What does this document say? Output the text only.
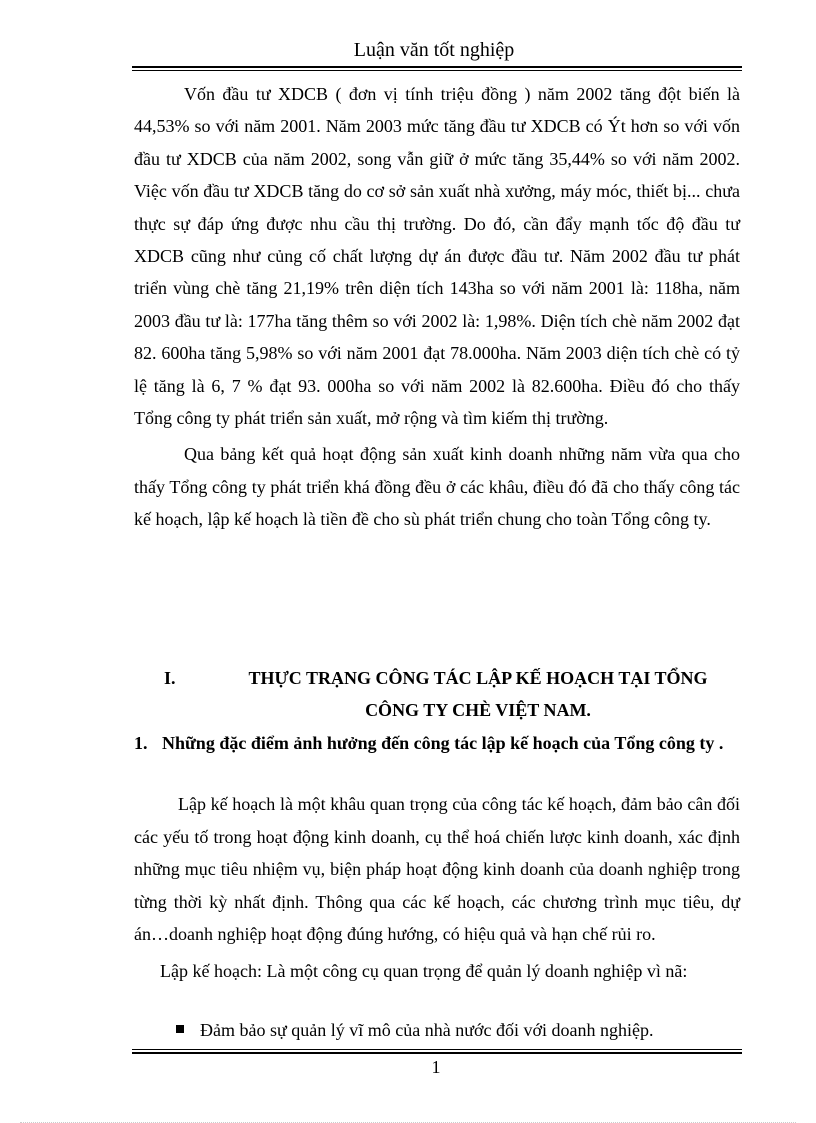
Luận văn tốt nghiệp

Vốn đầu tư XDCB ( đơn vị tính triệu đồng ) năm 2002 tăng đột biến là 44,53% so với năm 2001. Năm 2003 mức tăng đầu tư XDCB có Ýt hơn so với vốn đầu tư XDCB của năm 2002, song vẫn giữ ở mức tăng 35,44% so với năm 2002. Việc vốn đầu tư XDCB tăng do cơ sở sản xuất nhà xưởng, máy móc, thiết bị... chưa thực sự đáp ứng được nhu cầu thị trường. Do đó, cần đẩy mạnh tốc độ đầu tư XDCB cũng như củng cố chất lượng dự án được đầu tư. Năm 2002 đầu tư phát triển vùng chè tăng 21,19% trên diện tích 143ha so với năm 2001 là: 118ha, năm 2003 đầu tư là: 177ha tăng thêm so với 2002 là: 1,98%. Diện tích chè năm 2002 đạt 82. 600ha tăng 5,98% so với năm 2001 đạt 78.000ha. Năm 2003 diện tích chè có tỷ lệ tăng là 6, 7 % đạt 93. 000ha so với năm 2002 là 82.600ha. Điều đó cho thấy Tổng công ty phát triển sản xuất, mở rộng và tìm kiếm thị trường.

Qua bảng kết quả hoạt động sản xuất kinh doanh những năm vừa qua cho thấy Tổng công ty phát triển khá đồng đều ở các khâu, điều đó đã cho thấy công tác kế hoạch, lập kế hoạch là tiền đề cho sù phát triển chung cho toàn Tổng công ty.

I.	THỰC TRẠNG CÔNG TÁC LẬP KẾ HOẠCH TẠI TỔNG
CÔNG TY CHÈ VIỆT NAM.
1. Những đặc điểm ảnh hưởng đến công tác lập kế hoạch của Tổng công ty .

Lập kế hoạch là một khâu quan trọng của công tác kế hoạch, đảm bảo cân đối các yếu tố trong hoạt động kinh doanh, cụ thể hoá chiến lược kinh doanh, xác định những mục tiêu nhiệm vụ, biện pháp hoạt động kinh doanh của doanh nghiệp trong từng thời kỳ nhất định. Thông qua các kế hoạch, các chương trình mục tiêu, dự án…doanh nghiệp hoạt động đúng hướng, có hiệu quả và hạn chế rủi ro.

Lập kế hoạch: Là một công cụ quan trọng để quản lý doanh nghiệp vì nã:

Đảm bảo sự quản lý vĩ mô của nhà nước đối với doanh nghiệp.
1
